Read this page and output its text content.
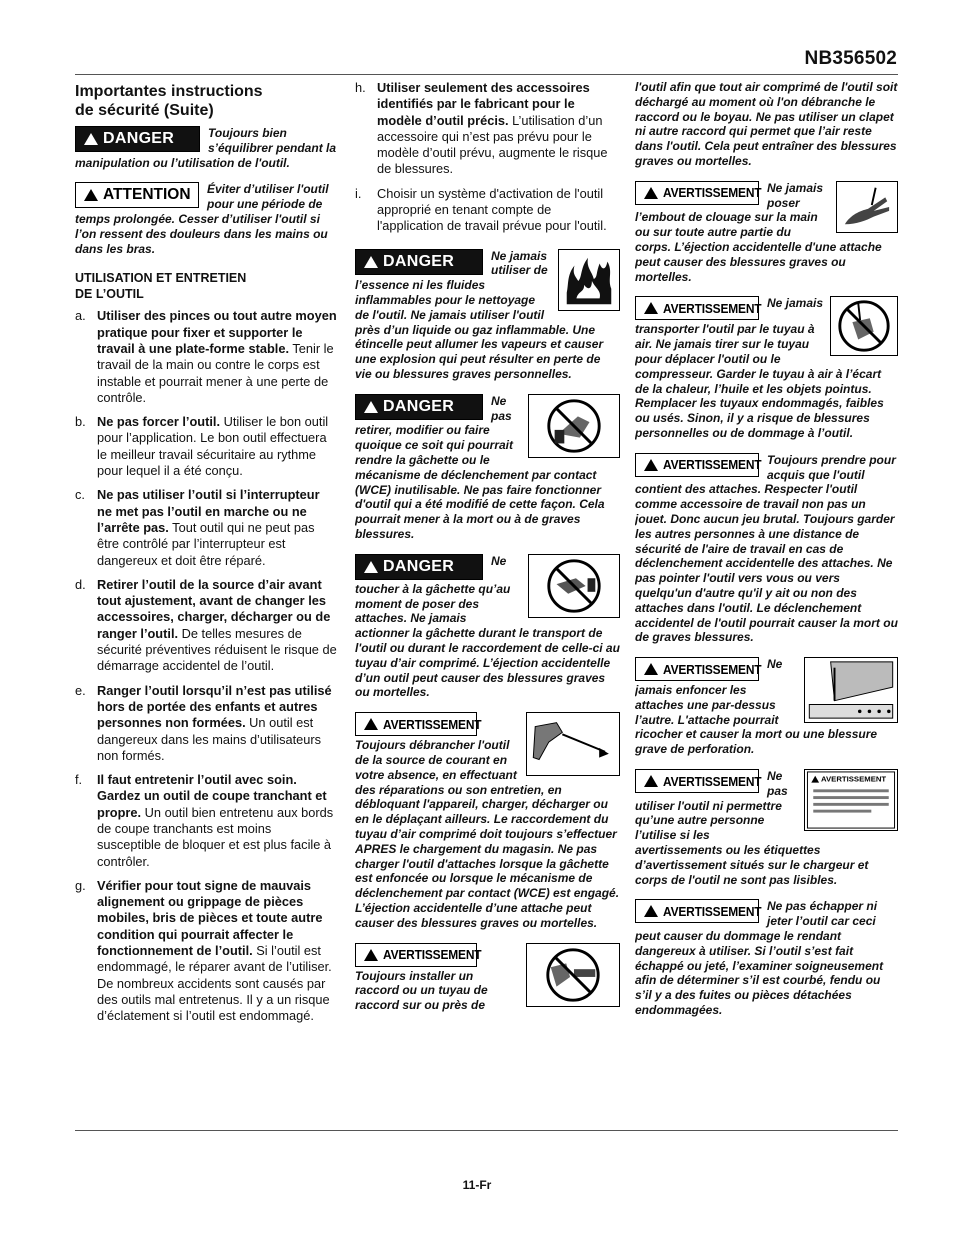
NB356502
Importantes instructions
de sécurité (Suite)
DANGER	Toujours bien s’équilibrer pendant la manipulation ou l’utilisation de l'outil.

ATTENTION	Éviter d’utiliser l'outil pour une période de temps prolongée. Cesser d’utiliser l'outil si l’on ressent des douleurs dans les mains ou dans les bras.

UTILISATION ET ENTRETIEN
DE L’OUTIL
a. Utiliser des pinces ou tout autre moyen pratique pour fixer et supporter le travail à une plate-forme stable. Tenir le travail de la main ou contre le corps est instable et pourrait mener à une perte de contrôle.
b. Ne pas forcer l’outil. Utiliser le bon outil pour l’application. Le bon outil effectuera le meilleur travail sécuritaire au rythme pour lequel il a été conçu.
c. Ne pas utiliser l’outil si l’interrupteur ne met pas l’outil en marche ou ne l’arrête pas. Tout outil qui ne peut pas être contrôlé par l’interrupteur est dangereux et doit être réparé.
d. Retirer l’outil de la source d’air avant tout ajustement, avant de changer les accessoires, charger, décharger ou de ranger l’outil. De telles mesures de sécurité préventives réduisent le risque de démarrage accidentel de l’outil.
e. Ranger l’outil lorsqu’il n’est pas utilisé hors de portée des enfants et autres personnes non formées. Un outil est dangereux dans les mains d’utilisateurs non formés.
f.	Il faut entretenir l’outil avec soin. Gardez un outil de coupe tranchant et propre. Un outil bien entretenu aux bords de coupe tranchants est moins susceptible de bloquer et est plus facile à contrôler.
g. Vérifier pour tout signe de mauvais alignement ou grippage de pièces mobiles, bris de pièces et toute autre condition qui pourrait affecter le fonctionnement de l’outil. Si l’outil est endommagé, le réparer avant de l’utiliser. De nombreux accidents sont causés par des outils mal entretenus. Il y a un risque d’éclatement si l’outil est endommagé.
h. Utiliser seulement des accessoires identifiés par le fabricant pour le modèle d’outil précis. L’utilisation d’un accessoire qui n’est pas prévu pour le modèle d’outil prévu, augmente le risque de blessures.
i.	Choisir un système d'activation de l'outil approprié en tenant compte de l'application de travail prévue pour l'outil.
DANGER	Ne jamais utiliser de l’essence ni les fluides inflammables pour le nettoyage de l'outil. Ne jamais utiliser l'outil près d’un liquide ou gaz inflammable. Une étincelle peut allumer les vapeurs et causer une explosion qui peut résulter en perte de vie ou blessures graves personnelles.

DANGER	Ne pas retirer, modifier ou faire quoique ce soit qui pourrait rendre la gâchette ou le mécanisme de déclenchement par contact (WCE) inutilisable. Ne pas faire fonctionner d'outil qui a été modifié de cette façon. Cela pourrait mener à la mort ou à de graves blessures.

DANGER	Ne toucher à la gâchette qu’au moment de poser des attaches. Ne jamais actionner la gâchette durant le transport de l'outil ou durant le raccordement de celle-ci au tuyau d’air comprimé. L’éjection accidentelle d’un outil peut causer des blessures graves ou mortelles.

AVERTISSEMENT

Toujours débrancher l'outil de la source de courant en votre absence, en effectuant des réparations ou son entretien, en débloquant l'appareil, charger, décharger ou en le déplaçant ailleurs. Le raccordement du tuyau d’air comprimé doit toujours s’effectuer APRES le chargement du magasin. Ne pas charger l'outil d'attaches lorsque la gâchette est enfoncée ou lorsque le mécanisme de déclenchement par contact (WCE) est engagé. L’éjection accidentelle d’une attache peut causer des blessures graves ou mortelles.

AVERTISSEMENT

Toujours installer un raccord ou un tuyau de raccord sur ou près de

l'outil afin que tout air comprimé de l'outil soit déchargé au moment où l'on débranche le raccord ou le boyau. Ne pas utiliser un clapet ni autre raccord qui permet que l’air reste dans l'outil. Cela peut entraîner des blessures graves ou mortelles.

AVERTISSEMENT Ne jamais poser l’embout de clouage sur la main ou sur toute autre partie du corps. L’éjection accidentelle d'une attache peut causer des blessures graves ou mortelles.

AVERTISSEMENT Ne jamais transporter l'outil par le tuyau à air. Ne jamais tirer sur le tuyau pour déplacer l'outil ou le compresseur. Garder le tuyau à air à l’écart de la chaleur, l’huile et les objets pointus. Remplacer les tuyaux endommagés, faibles ou usés. Sinon, il y a risque de blessures personnelles ou de dommage à l’outil.

AVERTISSEMENT Toujours prendre pour acquis que l'outil contient des attaches. Respecter l'outil comme accessoire de travail non pas un jouet. Donc aucun jeu brutal. Toujours garder les autres personnes à une distance de sécurité de l'aire de travail en cas de déclenchement accidentelle des attaches. Ne pas pointer l'outil vers vous ou vers quelqu'un d'autre qu'il y ait ou non des attaches dans l'outil. Le déclenchement accidentel de l'outil pourrait causer la mort ou de graves blessures.

AVERTISSEMENT Ne jamais enfoncer les attaches une par-dessus l’autre. L'attache pourrait ricocher et causer la mort ou une blessure grave de perforation.

AVERTISSEMENT
AVERTISSEMENT Ne pas utiliser l'outil ni permettre qu’une autre personne l’utilise si les avertissements ou les étiquettes d’avertissement situés sur le chargeur et corps de l'outil ne sont pas lisibles.

AVERTISSEMENT Ne pas échapper ni jeter l’outil car ceci peut causer du dommage le rendant dangereux à utiliser. Si l’outil s’est fait échappé ou jeté, l’examiner soigneusement afin de déterminer s’il est courbé, fendu ou s’il y a des fuites ou pièces détachées endommagées.

11-Fr
